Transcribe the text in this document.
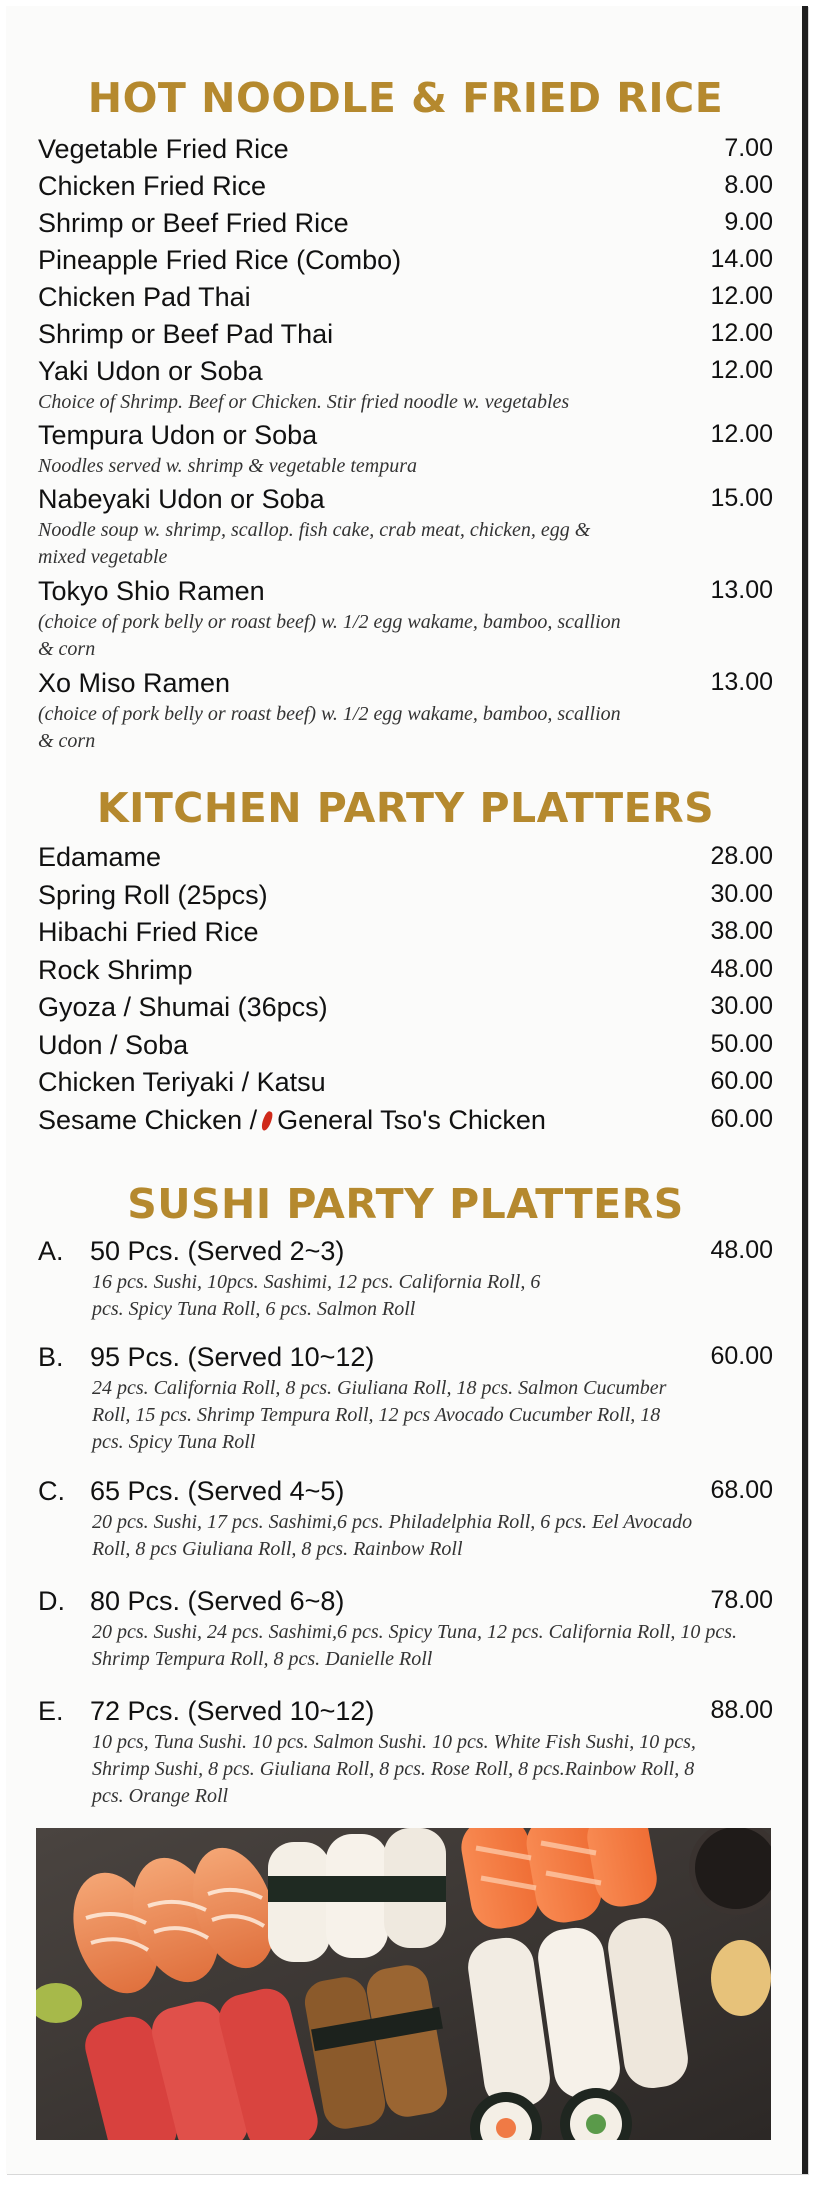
HOT NOODLE & FRIED RICE
Vegetable Fried Rice	7.00
Chicken Fried Rice	8.00
Shrimp or Beef Fried Rice	9.00
Pineapple Fried Rice (Combo)	14.00
Chicken Pad Thai	12.00
Shrimp or Beef Pad Thai	12.00
Yaki Udon or Soba	12.00
Choice of Shrimp. Beef or Chicken. Stir fried noodle w. vegetables
Tempura Udon or Soba	12.00
Noodles served w. shrimp & vegetable tempura
Nabeyaki Udon or Soba	15.00
Noodle soup w. shrimp, scallop. fish cake, crab meat, chicken, egg & mixed vegetable
Tokyo Shio Ramen	13.00
(choice of pork belly or roast beef) w. 1/2 egg wakame, bamboo, scallion & corn
Xo Miso Ramen	13.00
(choice of pork belly or roast beef) w. 1/2 egg wakame, bamboo, scallion & corn
KITCHEN PARTY PLATTERS
Edamame	28.00
Spring Roll (25pcs)	30.00
Hibachi Fried Rice	38.00
Rock Shrimp	48.00
Gyoza / Shumai (36pcs)	30.00
Udon / Soba	50.00
Chicken Teriyaki / Katsu	60.00
Sesame Chicken / General Tso's Chicken	60.00
SUSHI PARTY PLATTERS
A. 50 Pcs. (Served 2~3)	48.00
16 pcs. Sushi, 10pcs. Sashimi, 12 pcs. California Roll, 6 pcs. Spicy Tuna Roll, 6 pcs. Salmon Roll
B. 95 Pcs. (Served 10~12)	60.00
24 pcs. California Roll, 8 pcs. Giuliana Roll, 18 pcs. Salmon Cucumber Roll, 15 pcs. Shrimp Tempura Roll, 12 pcs Avocado Cucumber Roll, 18 pcs. Spicy Tuna Roll
C. 65 Pcs. (Served 4~5)	68.00
20 pcs. Sushi, 17 pcs. Sashimi,6 pcs. Philadelphia Roll, 6 pcs. Eel Avocado Roll, 8 pcs Giuliana Roll, 8 pcs. Rainbow Roll
D. 80 Pcs. (Served 6~8)	78.00
20 pcs. Sushi, 24 pcs. Sashimi,6 pcs. Spicy Tuna, 12 pcs. California Roll, 10 pcs. Shrimp Tempura Roll, 8 pcs. Danielle Roll
E. 72 Pcs. (Served 10~12)	88.00
10 pcs, Tuna Sushi. 10 pcs. Salmon Sushi. 10 pcs. White Fish Sushi, 10 pcs, Shrimp Sushi, 8 pcs. Giuliana Roll, 8 pcs. Rose Roll, 8 pcs.Rainbow Roll, 8 pcs. Orange Roll
